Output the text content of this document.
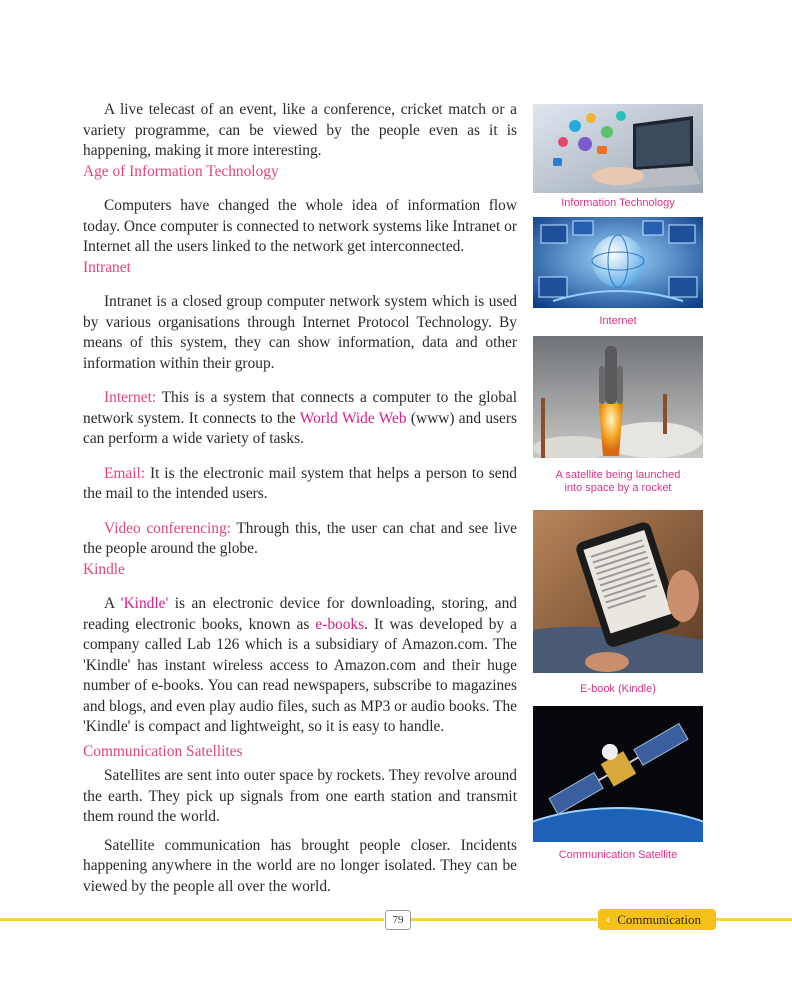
A live telecast of an event, like a conference, cricket match or a variety programme, can be viewed by the people even as it is happening, making it more interesting.

Age of Information Technology

Computers have changed the whole idea of information flow today. Once computer is connected to network systems like Intranet or Internet all the users linked to the network get interconnected.

Intranet

Intranet is a closed group computer network system which is used by various organisations through Internet Protocol Technology. By means of this system, they can show information, data and other information within their group.

Internet: This is a system that connects a computer to the global network system. It connects to the World Wide Web (www) and users can perform a wide variety of tasks.

Email: It is the electronic mail system that helps a person to send the mail to the intended users.

Video conferencing: Through this, the user can chat and see live the people around the globe.

Kindle

A 'Kindle' is an electronic device for downloading, storing, and reading electronic books, known as e-books. It was developed by a company called Lab 126 which is a subsidiary of Amazon.com. The 'Kindle' has instant wireless access to Amazon.com and their huge number of e-books. You can read newspapers, subscribe to magazines and blogs, and even play audio files, such as MP3 or audio books. The 'Kindle' is compact and lightweight, so it is easy to handle.

Communication Satellites

Satellites are sent into outer space by rockets. They revolve around the earth. They pick up signals from one earth station and transmit them round the world.

Satellite communication has brought people closer. Incidents happening anywhere in the world are no longer isolated. They can be viewed by the people all over the world.

Information Technology
Internet
A satellite being launched
into space by a rocket
E-book (Kindle)
Communication Satellite
79	‹ Communication
